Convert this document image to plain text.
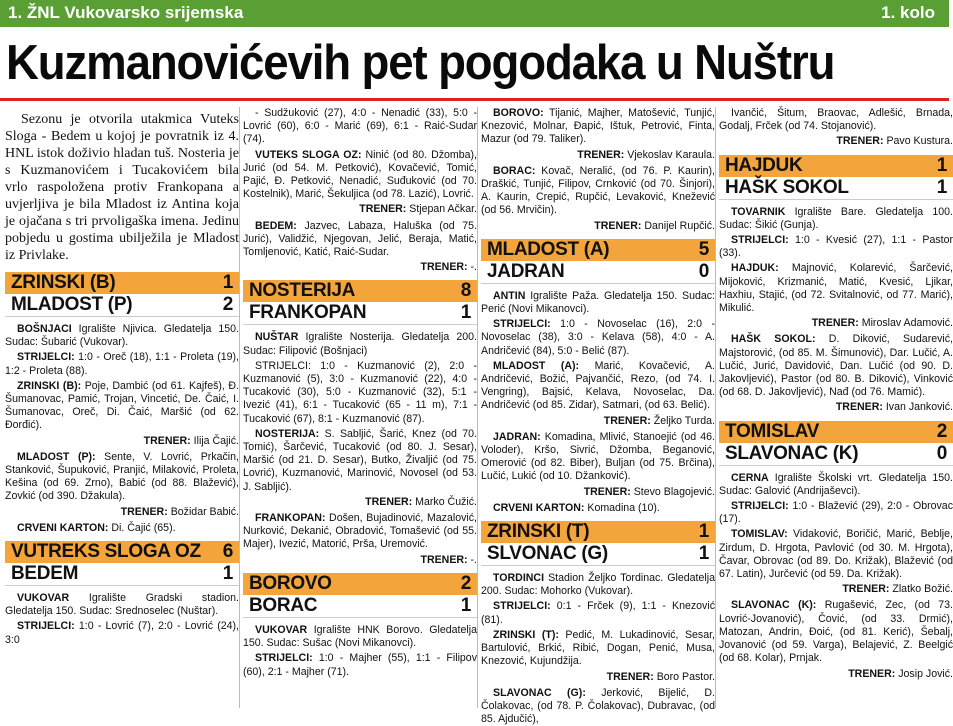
1. ŽNL Vukovarsko srijemska	1. kolo
Kuzmanovićevih pet pogodaka u Nuštru
Sezonu je otvorila utakmica Vuteks Sloga - Bedem u kojoj je povratnik iz 4. HNL istok doživio hladan tuš. Nosteria je s Kuzmanovićem i Tucakovićem bila vrlo raspoložena protiv Frankopana a uvjerljiva je bila Mladost iz Antina koja je ojačana s tri prvoligaška imena. Jedinu pobjedu u gostima ubilježila je Mladost iz Privlake.
ZRINSKI (B)	1
MLADOST (P)	2
BOŠNJACI Igralište Njivica. Gledatelja 150. Sudac: Šubarić (Vukovar).
STRIJELCI: 1:0 - Oreč (18), 1:1 - Proleta (19), 1:2 - Proleta (88).
ZRINSKI (B): Poje, Dambić (od 61. Kajfeš), Đ. Šumanovac, Pamić, Trojan, Vincetić, De. Čaić, I. Šumanovac, Oreč, Di. Čaić, Maršić (od 62. Đorđić).
TRENER: Ilija Čajić.
MLADOST (P): Sente, V. Lovrić, Prkačin, Stanković, Šupuković, Pranjić, Milaković, Proleta, Kešina (od 69. Zrno), Babić (od 88. Blažević), Zovkić (od 390. Džakula).
TRENER: Božidar Babić.
CRVENI KARTON: Di. Čajić (65).
VUTREKS SLOGA OZ 6
BEDEM	1
VUKOVAR Igralište Gradski stadion. Gledatelja 150. Sudac: Srednoselec (Nuštar).
STRIJELCI: 1:0 - Lovrić (7), 2:0 - Lovrić (24), 3:0
- Sudžuković (27), 4:0 - Nenadić (33), 5:0 - Lovrić (60), 6:0 - Marić (69), 6:1 - Raić-Sudar (74).
VUTEKS SLOGA OZ: Ninić (od 80. Džomba), Jurić (od 54. M. Petković), Kovačević, Tomić, Pajić, Đ. Petković, Nenadić, Suđuković (od 70. Kostelnik), Marić, Šekuljica (od 78. Lazić), Lovrić.
TRENER: Stjepan Ačkar.
BEDEM: Jazvec, Labaza, Haluška (od 75. Jurić), Validžić, Njegovan, Jelić, Beraja, Matić, Tomljenović, Katić, Raić-Sudar.
TRENER: -.
NOSTERIJA	8
FRANKOPAN	1
NUŠTAR Igralište Nosterija. Gledatelja 200. Sudac: Filipović (Bošnjaci)
STRIJELCI: 1:0 - Kuzmanović (2), 2:0 - Kuzmanović (5), 3:0 - Kuzmanović (22), 4:0 - Tucaković (30), 5:0 - Kuzmanović (32), 5:1 - Ivezić (41), 6:1 - Tucaković (65 - 11 m), 7:1 - Tucaković (67), 8:1 - Kuzmanović (87).
NOSTERIJA: S. Sablјić, Šarić, Knez (od 70. Tomić), Šarčević, Tucaković (od 80. J. Sesar), Maršić (od 21. D. Sesar), Butko, Živaljić (od 75. Lovrić), Kuzmanović, Marinović, Novosel (od 53. J. Sablјić).
TRENER: Marko Čužić.
FRANKOPAN: Došen, Bujadinović, Mazalović, Nurković, Dekanić, Obradović, Tomašević (od 55. Majer), Ivezić, Matorić, Prša, Uremović.
TRENER: -.
BOROVO	2
BORAC	1
VUKOVAR Igralište HNK Borovo. Gledatelja 150. Sudac: Sušac (Novi Mikanovci).
STRIJELCI: 1:0 - Majher (55), 1:1 - Filipov (60), 2:1 - Majher (71).
BOROVO: Tijanić, Majher, Matošević, Tunjić, Knezović, Molnar, Đapić, Ištuk, Petrović, Finta, Mazur (od 79. Taliker).
TRENER: Vjekoslav Karaula.
BORAC: Kovač, Neralić, (od 76. P. Kaurin), Draškić, Tunjić, Filipov, Crnković (od 70. Šinjori), A. Kaurin, Crepić, Rupčić, Levaković, Knežević (od 56. Mrvičin).
TRENER: Danijel Rupčić.
MLADOST (A)	5
JADRAN	0
ANTIN Igralište Paža. Gledatelja 150. Sudac: Perić (Novi Mikanovci).
STRIJELCI: 1:0 - Novoselac (16), 2:0 - Novoselac (38), 3:0 - Kelava (58), 4:0 - A. Andričević (84), 5:0 - Belić (87).
MLADOST (A): Marić, Kovačević, A. Andričević, Božić, Pajvančić, Rezo, (od 74. I. Vengring), Bajsić, Kelava, Novoselac, Da. Andričević (od 85. Zidar), Satmari, (od 63. Belić).
TRENER: Željko Turda.
JADRAN: Komadina, Mlivić, Stanoejić (od 46. Voloder), Kršo, Sivrić, Džomba, Beganović, Omerović (od 82. Biber), Buljan (od 75. Brčina), Lučić, Lukić (od 10. Džanković).
TRENER: Stevo Blagojević.
CRVENI KARTON: Komadina (10).
ZRINSKI (T)	1
SLVONAC (G)	1
TORDINCI Stadion Željko Tordinac. Gledatelja 200. Sudac: Mohorko (Vukovar).
STRIJELCI: 0:1 - Frček (9), 1:1 - Knezović (81).
ZRINSKI (T): Pedić, M. Lukadinović, Sesar, Bartulović, Brkić, Ribić, Dogan, Penić, Musa, Knezović, Kujundžija.
TRENER: Boro Pastor.
SLAVONAC (G): Jerković, Bijelić, D. Čolakovac, (od 78. P. Čolakovac), Dubravac, (od 85. Ajdučić),
Ivančić, Šitum, Braovac, Adlešić, Brnada, Godalj, Frček (od 74. Stojanović).
TRENER: Pavo Kustura.
HAJDUK	1
HAŠK SOKOL	1
TOVARNIK Igralište Bare. Gledatelja 100. Sudac: Šikić (Gunja).
STRIJELCI: 1:0 - Kvesić (27), 1:1 - Pastor (33).
HAJDUK: Majnović, Kolarević, Šarčević, Mijoković, Krizmanić, Matić, Kvesić, Ljikar, Haxhiu, Stajić, (od 72. Svitalnović, od 77. Marić), Mikulić.
TRENER: Miroslav Adamović.
HAŠK SOKOL: D. Diković, Sudarević, Majstorović, (od 85. M. Šimunović), Dar. Lučić, A. Lučić, Jurić, Davidović, Dan. Lučić (od 90. D. Jakovljević), Pastor (od 80. B. Diković), Vinković (od 68. D. Jakovljević), Nađ (od 76. Mamić).
TRENER: Ivan Janković.
TOMISLAV	2
SLAVONAC (K)	0
CERNA Igralište Školski vrt. Gledatelja 150. Sudac: Galović (Andrijaševci).
STRIJELCI: 1:0 - Blažević (29), 2:0 - Obrovac (17).
TOMISLAV: Vidaković, Boričić, Marić, Beblje, Zirdum, D. Hrgota, Pavlović (od 30. M. Hrgota), Čavar, Obrovac (od 89. Do. Križak), Blažević (od 67. Latin), Jurčević (od 59. Da. Križak).
TRENER: Zlatko Božić.
SLAVONAC (K): Rugašević, Zec, (od 73. Lovrić-Jovanović), Čović, (od 33. Drmić), Matozan, Andrin, Đoić, (od 81. Kerić), Šebalj, Jovanović (od 59. Varga), Belajević, Z. Beelgić (od 68. Kolar), Prnjak.
TRENER: Josip Jović.
